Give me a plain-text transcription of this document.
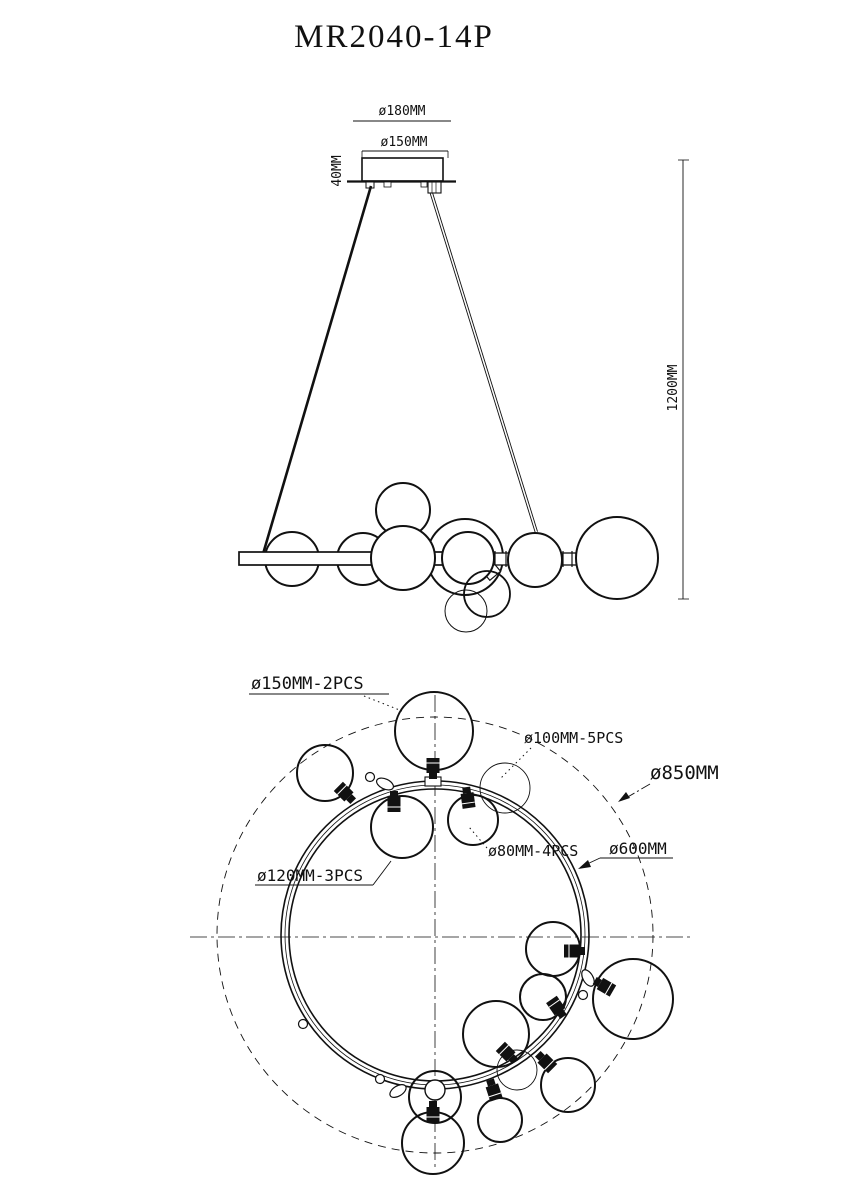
MR2040-14P
ø180MM
ø150MM
40MM
1200MM
ø150MM-2PCS
ø100MM-5PCS
ø850MM
ø80MM-4PCS ø600MM
ø120MM-3PCS
